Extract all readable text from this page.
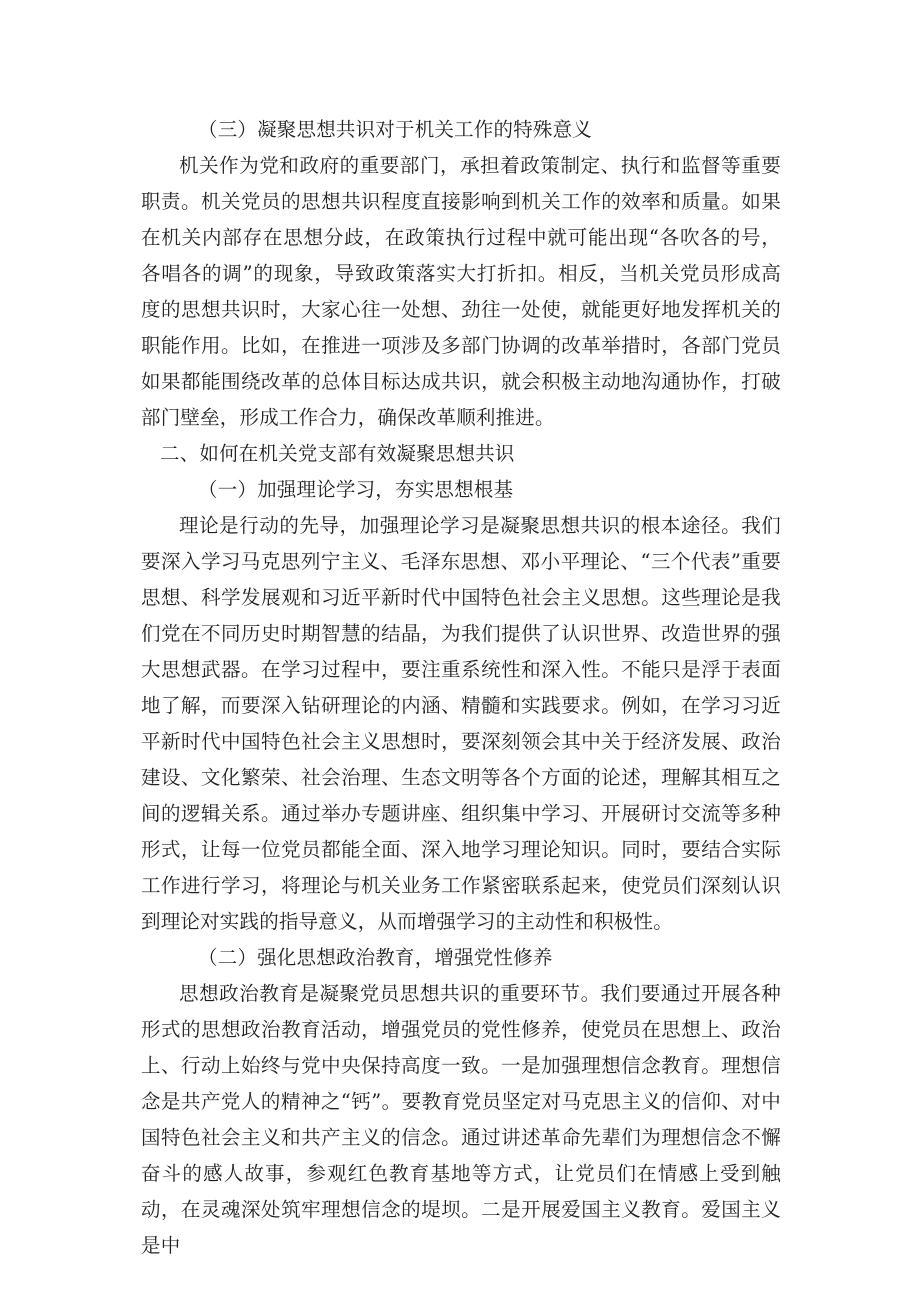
（三）凝聚思想共识对于机关工作的特殊意义

机关作为党和政府的重要部门，承担着政策制定、执行和监督等重要职责。机关党员的思想共识程度直接影响到机关工作的效率和质量。如果在机关内部存在思想分歧，在政策执行过程中就可能出现“各吹各的号，各唱各的调”的现象，导致政策落实大打折扣。相反，当机关党员形成高度的思想共识时，大家心往一处想、劲往一处使，就能更好地发挥机关的职能作用。比如，在推进一项涉及多部门协调的改革举措时，各部门党员如果都能围绕改革的总体目标达成共识，就会积极主动地沟通协作，打破部门壁垒，形成工作合力，确保改革顺利推进。

二、如何在机关党支部有效凝聚思想共识

（一）加强理论学习，夯实思想根基

理论是行动的先导，加强理论学习是凝聚思想共识的根本途径。我们要深入学习马克思列宁主义、毛泽东思想、邓小平理论、“三个代表”重要思想、科学发展观和习近平新时代中国特色社会主义思想。这些理论是我们党在不同历史时期智慧的结晶，为我们提供了认识世界、改造世界的强大思想武器。在学习过程中，要注重系统性和深入性。不能只是浮于表面地了解，而要深入钻研理论的内涵、精髓和实践要求。例如，在学习习近平新时代中国特色社会主义思想时，要深刻领会其中关于经济发展、政治建设、文化繁荣、社会治理、生态文明等各个方面的论述，理解其相互之间的逻辑关系。通过举办专题讲座、组织集中学习、开展研讨交流等多种形式，让每一位党员都能全面、深入地学习理论知识。同时，要结合实际工作进行学习，将理论与机关业务工作紧密联系起来，使党员们深刻认识到理论对实践的指导意义，从而增强学习的主动性和积极性。

（二）强化思想政治教育，增强党性修养

思想政治教育是凝聚党员思想共识的重要环节。我们要通过开展各种形式的思想政治教育活动，增强党员的党性修养，使党员在思想上、政治上、行动上始终与党中央保持高度一致。一是加强理想信念教育。理想信念是共产党人的精神之“钙”。要教育党员坚定对马克思主义的信仰、对中国特色社会主义和共产主义的信念。通过讲述革命先辈们为理想信念不懈奋斗的感人故事，参观红色教育基地等方式，让党员们在情感上受到触动，在灵魂深处筑牢理想信念的堤坝。二是开展爱国主义教育。爱国主义是中
